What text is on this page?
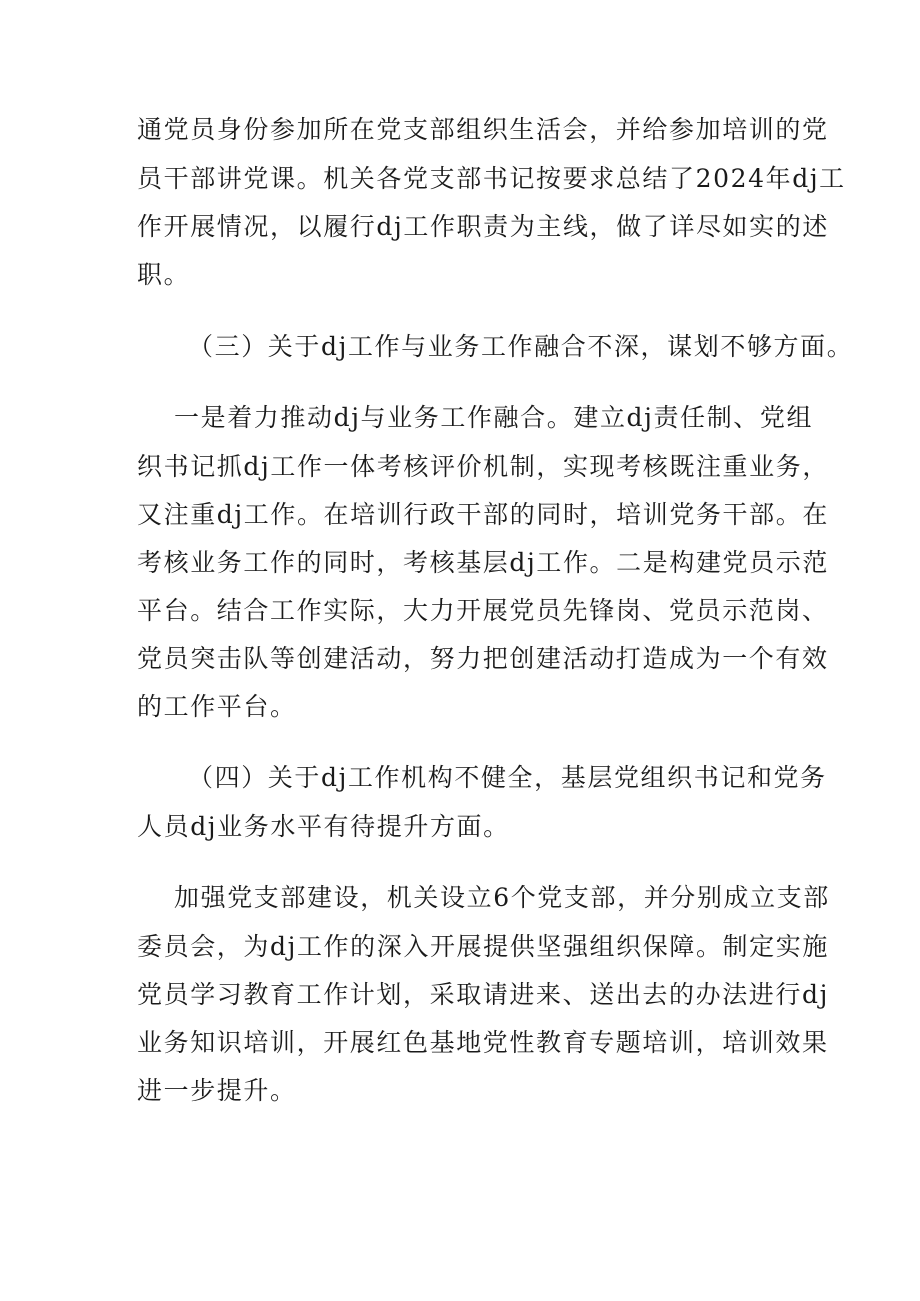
通党员身份参加所在党支部组织生活会，并给参加培训的党

员干部讲党课。机关各党支部书记按要求总结了2024年dj工

作开展情况，以履行dj工作职责为主线，做了详尽如实的述

职。

（三）关于dj工作与业务工作融合不深，谋划不够方面。

一是着力推动dj与业务工作融合。建立dj责任制、党组

织书记抓dj工作一体考核评价机制，实现考核既注重业务，

又注重dj工作。在培训行政干部的同时，培训党务干部。在

考核业务工作的同时，考核基层dj工作。二是构建党员示范

平台。结合工作实际，大力开展党员先锋岗、党员示范岗、

党员突击队等创建活动，努力把创建活动打造成为一个有效

的工作平台。

（四）关于dj工作机构不健全，基层党组织书记和党务

人员dj业务水平有待提升方面。

加强党支部建设，机关设立6个党支部，并分别成立支部

委员会，为dj工作的深入开展提供坚强组织保障。制定实施

党员学习教育工作计划，采取请进来、送出去的办法进行dj

业务知识培训，开展红色基地党性教育专题培训，培训效果

进一步提升。
